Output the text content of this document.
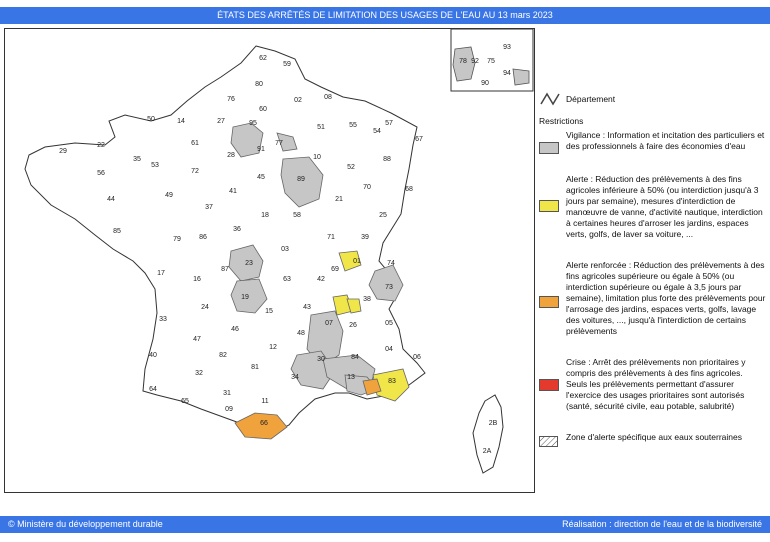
ÉTATS DES ARRÊTÉS DE LIMITATION DES USAGES DE L'EAU AU 13 mars 2023
62
59
80
02	08
76
60
95
27
14
50
22
29
56
35
53
61
72
28
91
77
51	55
54
57
67
68
88
52
10
89
45
41
37
44
49
85
79	86
36
18	58
21
70
25
39
71
03
23
87
16
17
33
24
19
63	42
69
01	74
73
38
15
43
07 26	05
46
12
48
30	84
04
06
47
82
81
34
40
32
31
64
65
09
11
66
13
83
2B
2A
93
94
92 75
78
90
Département
Restrictions
Vigilance : Information et incitation des particuliers et des professionnels à faire des économies d'eau
Alerte : Réduction des prélèvements à des fins agricoles inférieure à 50% (ou interdiction jusqu'à 3 jours par semaine), mesures d'interdiction de manœuvre de vanne, d'activité nautique, interdiction à certaines heures d'arroser les jardins, espaces verts, golfs, de laver sa voiture, ...
Alerte renforcée : Réduction des prélèvements à des fins agricoles supérieure ou égale à 50% (ou interdiction supérieure ou égale à 3,5 jours par semaine), limitation plus forte des prélèvements pour l'arrosage des jardins, espaces verts, golfs, lavage des voitures, ..., jusqu'à l'interdiction de certains prélèvements
Crise : Arrêt des prélèvements non prioritaires y compris des prélèvements à des fins agricoles. Seuls les prélèvements permettant d'assurer l'exercice des usages prioritaires sont autorisés (santé, sécurité civile, eau potable, salubrité)
Zone d'alerte spécifique aux eaux souterraines
© Ministère du développement durable	Réalisation : direction de l'eau et de la biodiversité
